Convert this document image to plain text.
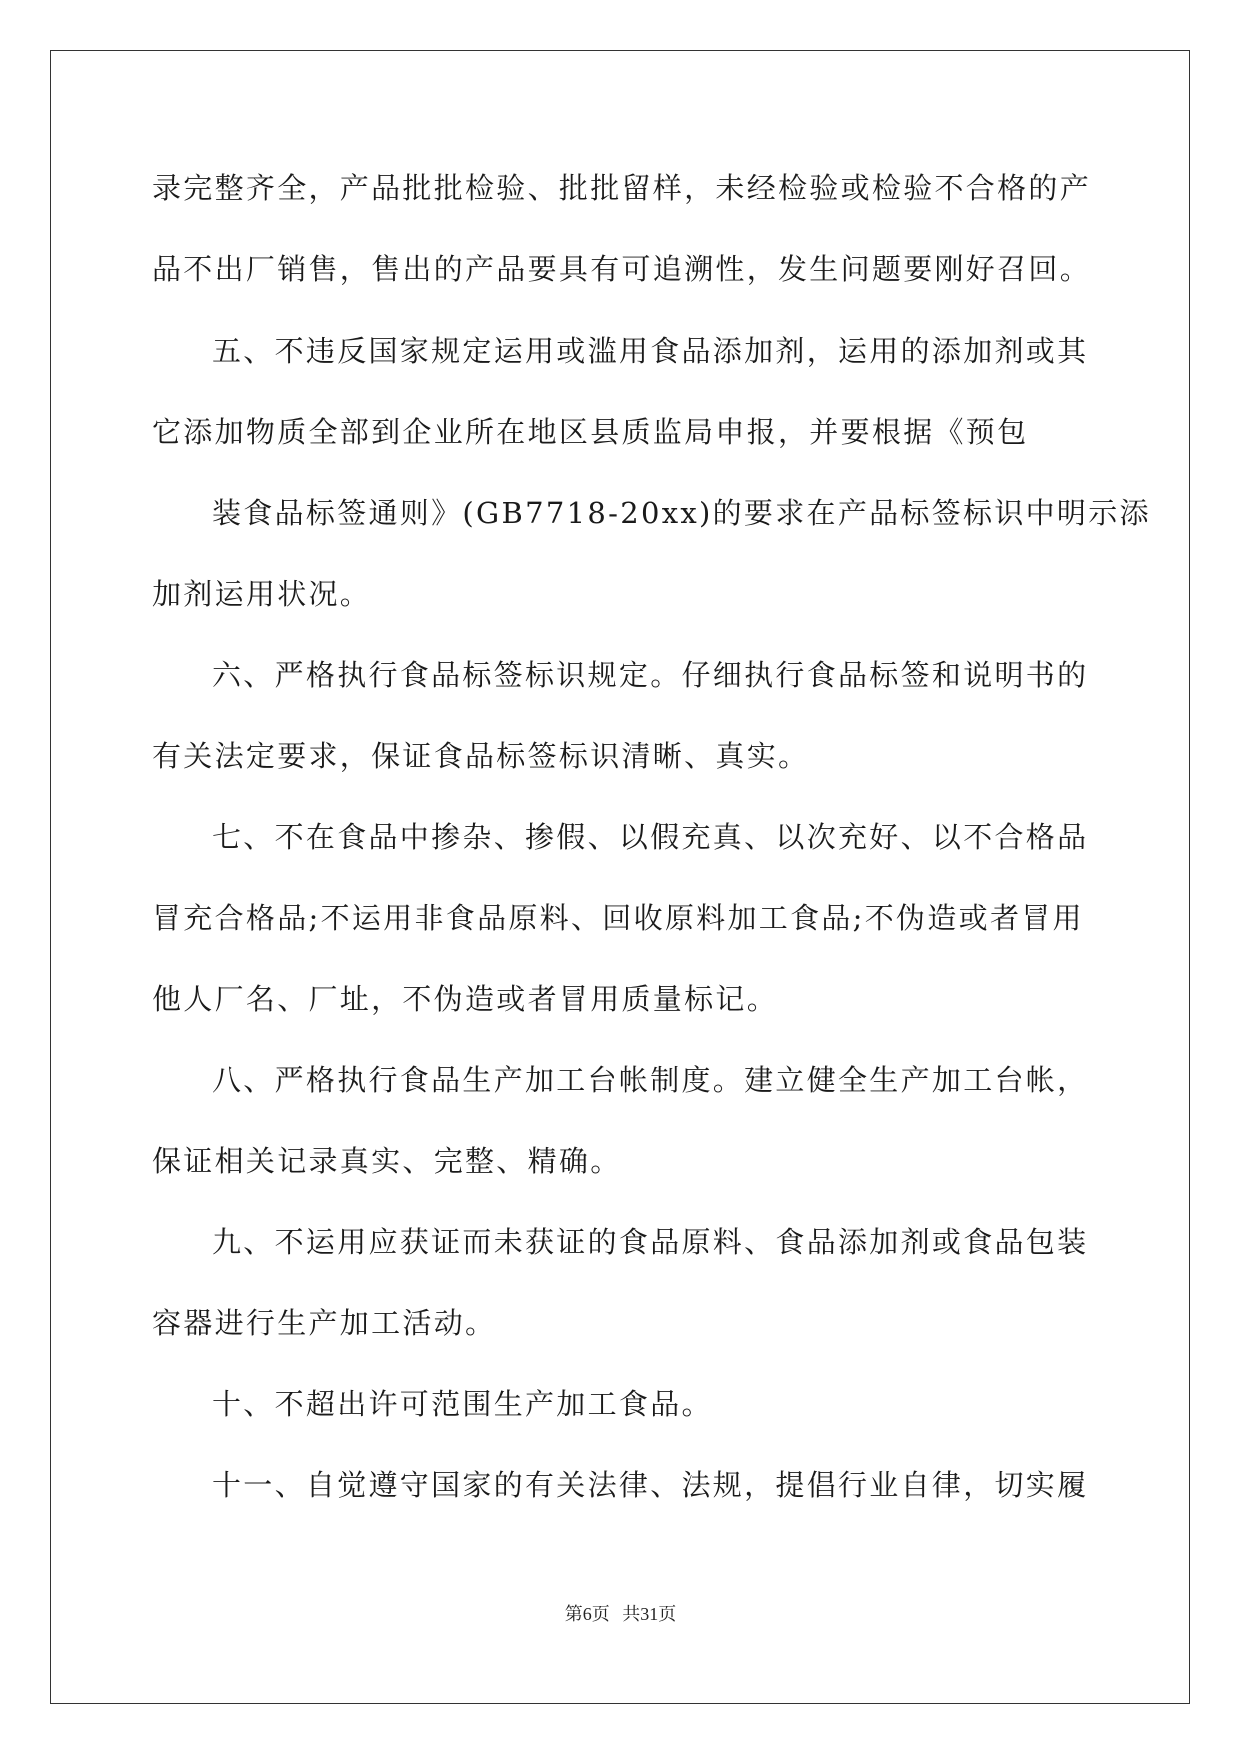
录完整齐全，产品批批检验、批批留样，未经检验或检验不合格的产
品不出厂销售，售出的产品要具有可追溯性，发生问题要刚好召回。
五、不违反国家规定运用或滥用食品添加剂，运用的添加剂或其
它添加物质全部到企业所在地区县质监局申报，并要根据《预包
装食品标签通则》(GB7718-20xx)的要求在产品标签标识中明示添
加剂运用状况。
六、严格执行食品标签标识规定。仔细执行食品标签和说明书的
有关法定要求，保证食品标签标识清晰、真实。
七、不在食品中掺杂、掺假、以假充真、以次充好、以不合格品
冒充合格品;不运用非食品原料、回收原料加工食品;不伪造或者冒用
他人厂名、厂址，不伪造或者冒用质量标记。
八、严格执行食品生产加工台帐制度。建立健全生产加工台帐，
保证相关记录真实、完整、精确。
九、不运用应获证而未获证的食品原料、食品添加剂或食品包装
容器进行生产加工活动。
十、不超出许可范围生产加工食品。
十一、自觉遵守国家的有关法律、法规，提倡行业自律，切实履
第6页 共31页
